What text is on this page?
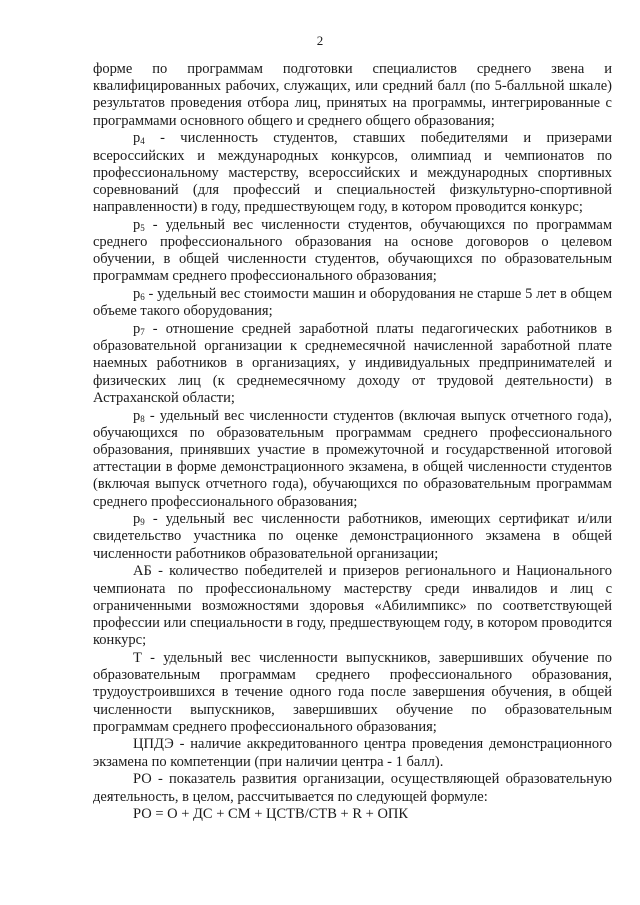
2

форме по программам подготовки специалистов среднего звена и квалифицированных рабочих, служащих, или средний балл (по 5-балльной шкале) результатов проведения отбора лиц, принятых на программы, интегрированные с программами основного общего и среднего общего образования;

$p_4$ - численность студентов, ставших победителями и призерами всероссийских и международных конкурсов, олимпиад и чемпионатов по профессиональному мастерству, всероссийских и международных спортивных соревнований (для профессий и специальностей физкультурно-спортивной направленности) в году, предшествующем году, в котором проводится конкурс;

$p_5$ - удельный вес численности студентов, обучающихся по программам среднего профессионального образования на основе договоров о целевом обучении, в общей численности студентов, обучающихся по образовательным программам среднего профессионального образования;

$p_6$ - удельный вес стоимости машин и оборудования не старше 5 лет в общем объеме такого оборудования;

$p_7$ - отношение средней заработной платы педагогических работников в образовательной организации к среднемесячной начисленной заработной плате наемных работников в организациях, у индивидуальных предпринимателей и физических лиц (к среднемесячному доходу от трудовой деятельности) в Астраханской области;

$p_8$ - удельный вес численности студентов (включая выпуск отчетного года), обучающихся по образовательным программам среднего профессионального образования, принявших участие в промежуточной и государственной итоговой аттестации в форме демонстрационного экзамена, в общей численности студентов (включая выпуск отчетного года), обучающихся по образовательным программам среднего профессионального образования;

$p_9$ - удельный вес численности работников, имеющих сертификат и/или свидетельство участника по оценке демонстрационного экзамена в общей численности работников образовательной организации;

АБ - количество победителей и призеров регионального и Национального чемпионата по профессиональному мастерству среди инвалидов и лиц с ограниченными возможностями здоровья «Абилимпикс» по соответствующей профессии или специальности в году, предшествующем году, в котором проводится конкурс;

Т - удельный вес численности выпускников, завершивших обучение по образовательным программам среднего профессионального образования, трудоустроившихся в течение одного года после завершения обучения, в общей численности выпускников, завершивших обучение по образовательным программам среднего профессионального образования;

ЦПДЭ - наличие аккредитованного центра проведения демонстрационного экзамена по компетенции (при наличии центра - 1 балл).

РО - показатель развития организации, осуществляющей образовательную деятельность, в целом, рассчитывается по следующей формуле:

РО = О + ДС + СМ + ЦСТВ/СТВ + R + ОПК
